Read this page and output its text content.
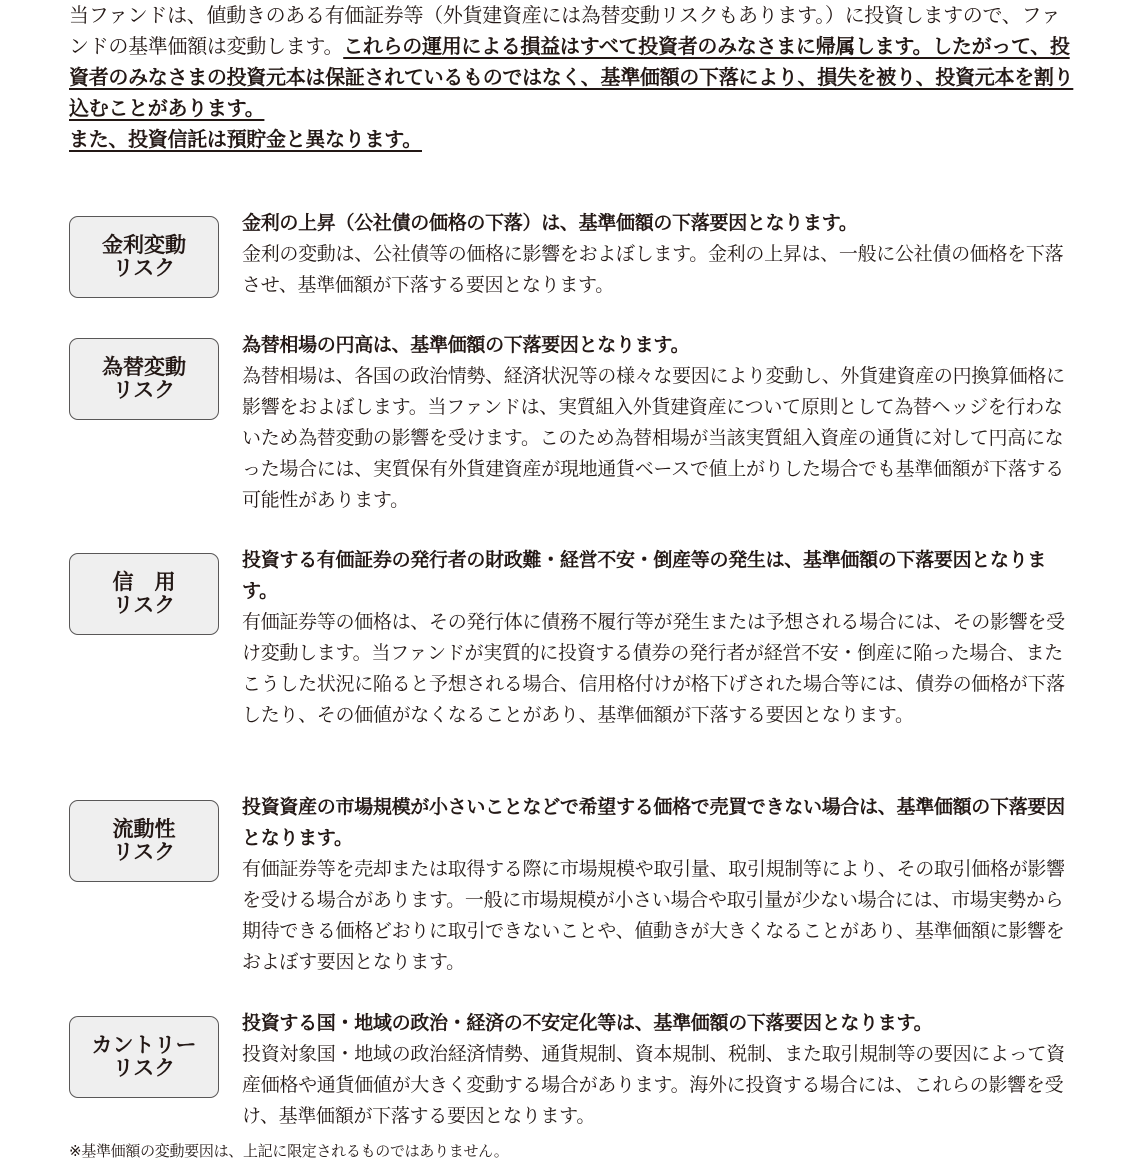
当ファンドは、値動きのある有価証券等（外貨建資産には為替変動リスクもあります。）に投資しますので、ファンドの基準価額は変動します。これらの運用による損益はすべて投資者のみなさまに帰属します。したがって、投資者のみなさまの投資元本は保証されているものではなく、基準価額の下落により、損失を被り、投資元本を割り込むことがあります。

また、投資信託は預貯金と異なります。

金利変動
リスク

金利の上昇（公社債の価格の下落）は、基準価額の下落要因となります。

金利の変動は、公社債等の価格に影響をおよぼします。金利の上昇は、一般に公社債の価格を下落させ、基準価額が下落する要因となります。

為替変動
リスク

為替相場の円高は、基準価額の下落要因となります。

為替相場は、各国の政治情勢、経済状況等の様々な要因により変動し、外貨建資産の円換算価格に影響をおよぼします。当ファンドは、実質組入外貨建資産について原則として為替ヘッジを行わないため為替変動の影響を受けます。このため為替相場が当該実質組入資産の通貨に対して円高になった場合には、実質保有外貨建資産が現地通貨ベースで値上がりした場合でも基準価額が下落する可能性があります。

信　用
リスク

投資する有価証券の発行者の財政難・経営不安・倒産等の発生は、基準価額の下落要因となります。

有価証券等の価格は、その発行体に債務不履行等が発生または予想される場合には、その影響を受け変動します。当ファンドが実質的に投資する債券の発行者が経営不安・倒産に陥った場合、またこうした状況に陥ると予想される場合、信用格付けが格下げされた場合等には、債券の価格が下落したり、その価値がなくなることがあり、基準価額が下落する要因となります。

流動性
リスク

投資資産の市場規模が小さいことなどで希望する価格で売買できない場合は、基準価額の下落要因となります。

有価証券等を売却または取得する際に市場規模や取引量、取引規制等により、その取引価格が影響を受ける場合があります。一般に市場規模が小さい場合や取引量が少ない場合には、市場実勢から期待できる価格どおりに取引できないことや、値動きが大きくなることがあり、基準価額に影響をおよぼす要因となります。

カントリー
リスク

投資する国・地域の政治・経済の不安定化等は、基準価額の下落要因となります。

投資対象国・地域の政治経済情勢、通貨規制、資本規制、税制、また取引規制等の要因によって資産価格や通貨価値が大きく変動する場合があります。海外に投資する場合には、これらの影響を受け、基準価額が下落する要因となります。

※基準価額の変動要因は、上記に限定されるものではありません。
